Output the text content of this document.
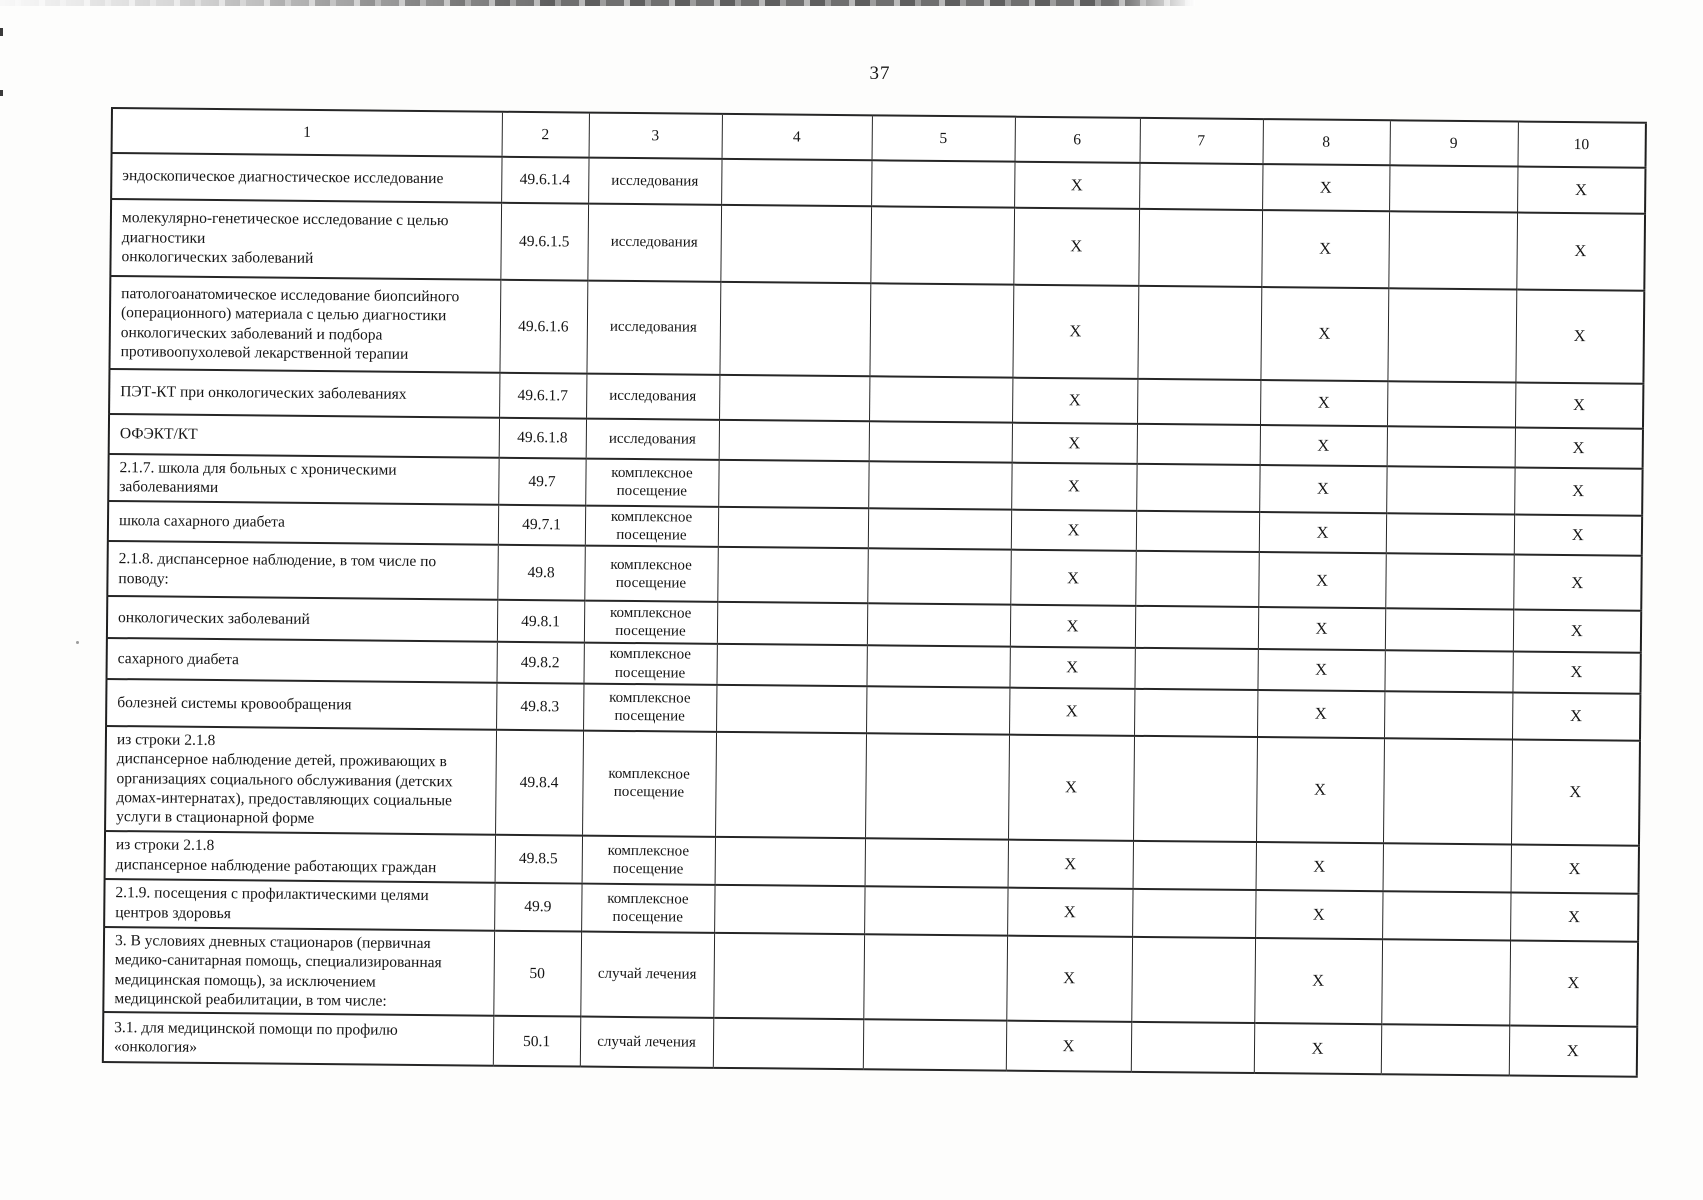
37
1	2	3	4	5	6	7	8	9	10
эндоскопическое диагностическое исследование	49.6.1.4	исследования			X		X		X
молекулярно-генетическое исследование с целью
диагностики
онкологических заболеваний	49.6.1.5	исследования			X		X		X
патологоанатомическое исследование биопсийного
(операционного) материала с целью диагностики
онкологических заболеваний и подбора
противоопухолевой лекарственной терапии	49.6.1.6	исследования			X		X		X
ПЭТ-КТ при онкологических заболеваниях	49.6.1.7	исследования			X		X		X
ОФЭКТ/КТ	49.6.1.8	исследования			X		X		X
2.1.7. школа для больных с хроническими
заболеваниями	49.7	комплексное посещение			X		X		X
школа сахарного диабета	49.7.1	комплексное посещение			X		X		X
2.1.8. диспансерное наблюдение, в том числе по
поводу:	49.8	комплексное посещение			X		X		X
онкологических заболеваний	49.8.1	комплексное посещение			X		X		X
сахарного диабета	49.8.2	комплексное посещение			X		X		X
болезней системы кровообращения	49.8.3	комплексное посещение			X		X		X
из строки 2.1.8
диспансерное наблюдение детей, проживающих в
организациях социального обслуживания (детских
домах-интернатах), предоставляющих социальные
услуги в стационарной форме	49.8.4	комплексное посещение			X		X		X
из строки 2.1.8
диспансерное наблюдение работающих граждан	49.8.5	комплексное посещение			X		X		X
2.1.9. посещения с профилактическими целями
центров здоровья	49.9	комплексное посещение			X		X		X
3. В условиях дневных стационаров (первичная
медико-санитарная помощь, специализированная
медицинская помощь), за исключением
медицинской реабилитации, в том числе:	50	случай лечения			X		X		X
3.1. для медицинской помощи по профилю
«онкология»	50.1	случай лечения			X		X		X
